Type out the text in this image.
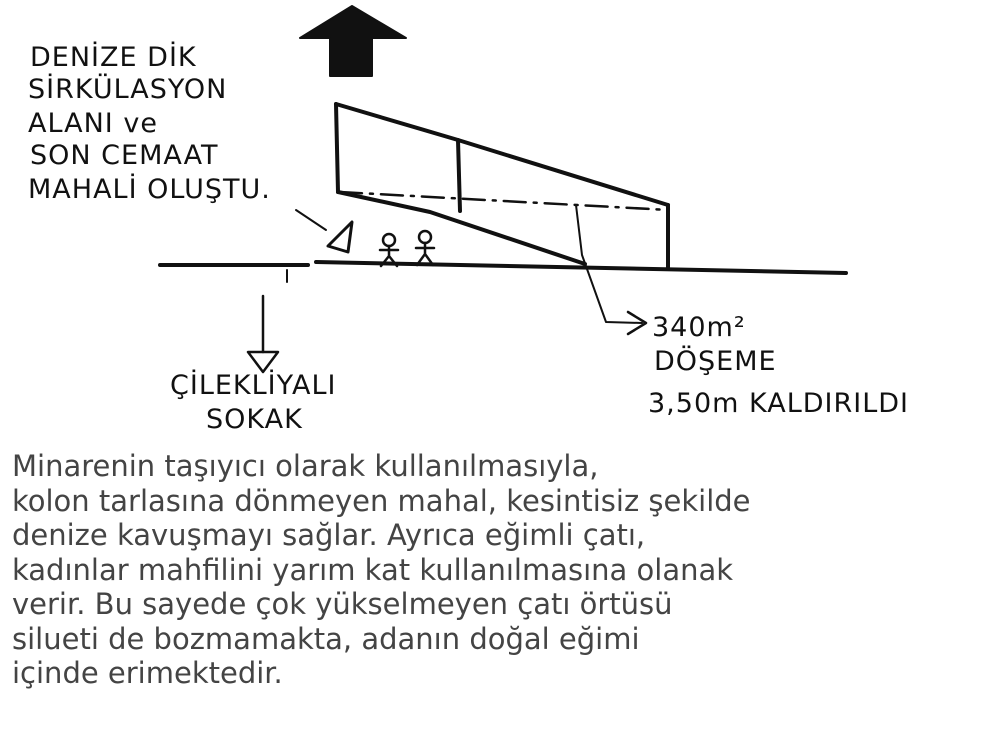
DENİZE DİK SİRKÜLASYON ALANI ve SON CEMAAT MAHALİ OLUŞTU.
ÇİLEKLİYALI SOKAK
340m² DÖŞEME 3,50m KALDIRILDI

Minarenin taşıyıcı olarak kullanılmasıyla,
kolon tarlasına dönmeyen mahal, kesintisiz şekilde
denize kavuşmayı sağlar. Ayrıca eğimli çatı,
kadınlar mahfilini yarım kat kullanılmasına olanak
verir. Bu sayede çok yükselmeyen çatı örtüsü
silueti de bozmamakta, adanın doğal eğimi
içinde erimektedir.
